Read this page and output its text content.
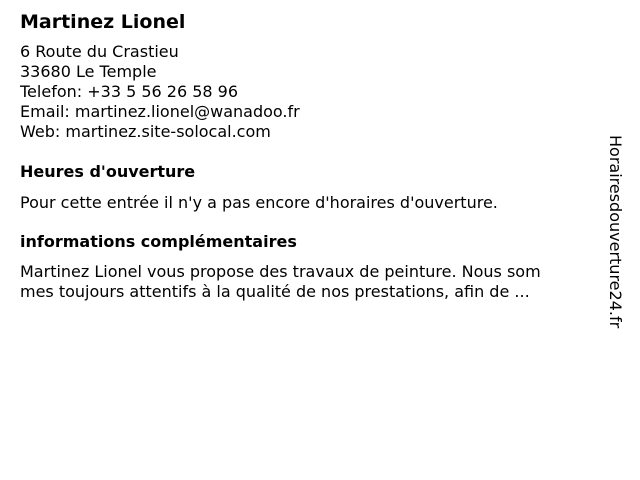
Martinez Lionel
6 Route du Crastieu
33680 Le Temple
Telefon: +33 5 56 26 58 96
Email: martinez.lionel@wanadoo.fr
Web: martinez.site-solocal.com
Heures d'ouverture
Pour cette entrée il n'y a pas encore d'horaires d'ouverture.
informations complémentaires
Martinez Lionel vous propose des travaux de peinture. Nous som
mes toujours attentifs à la qualité de nos prestations, afin de ...	Horairesdouverture24.fr
